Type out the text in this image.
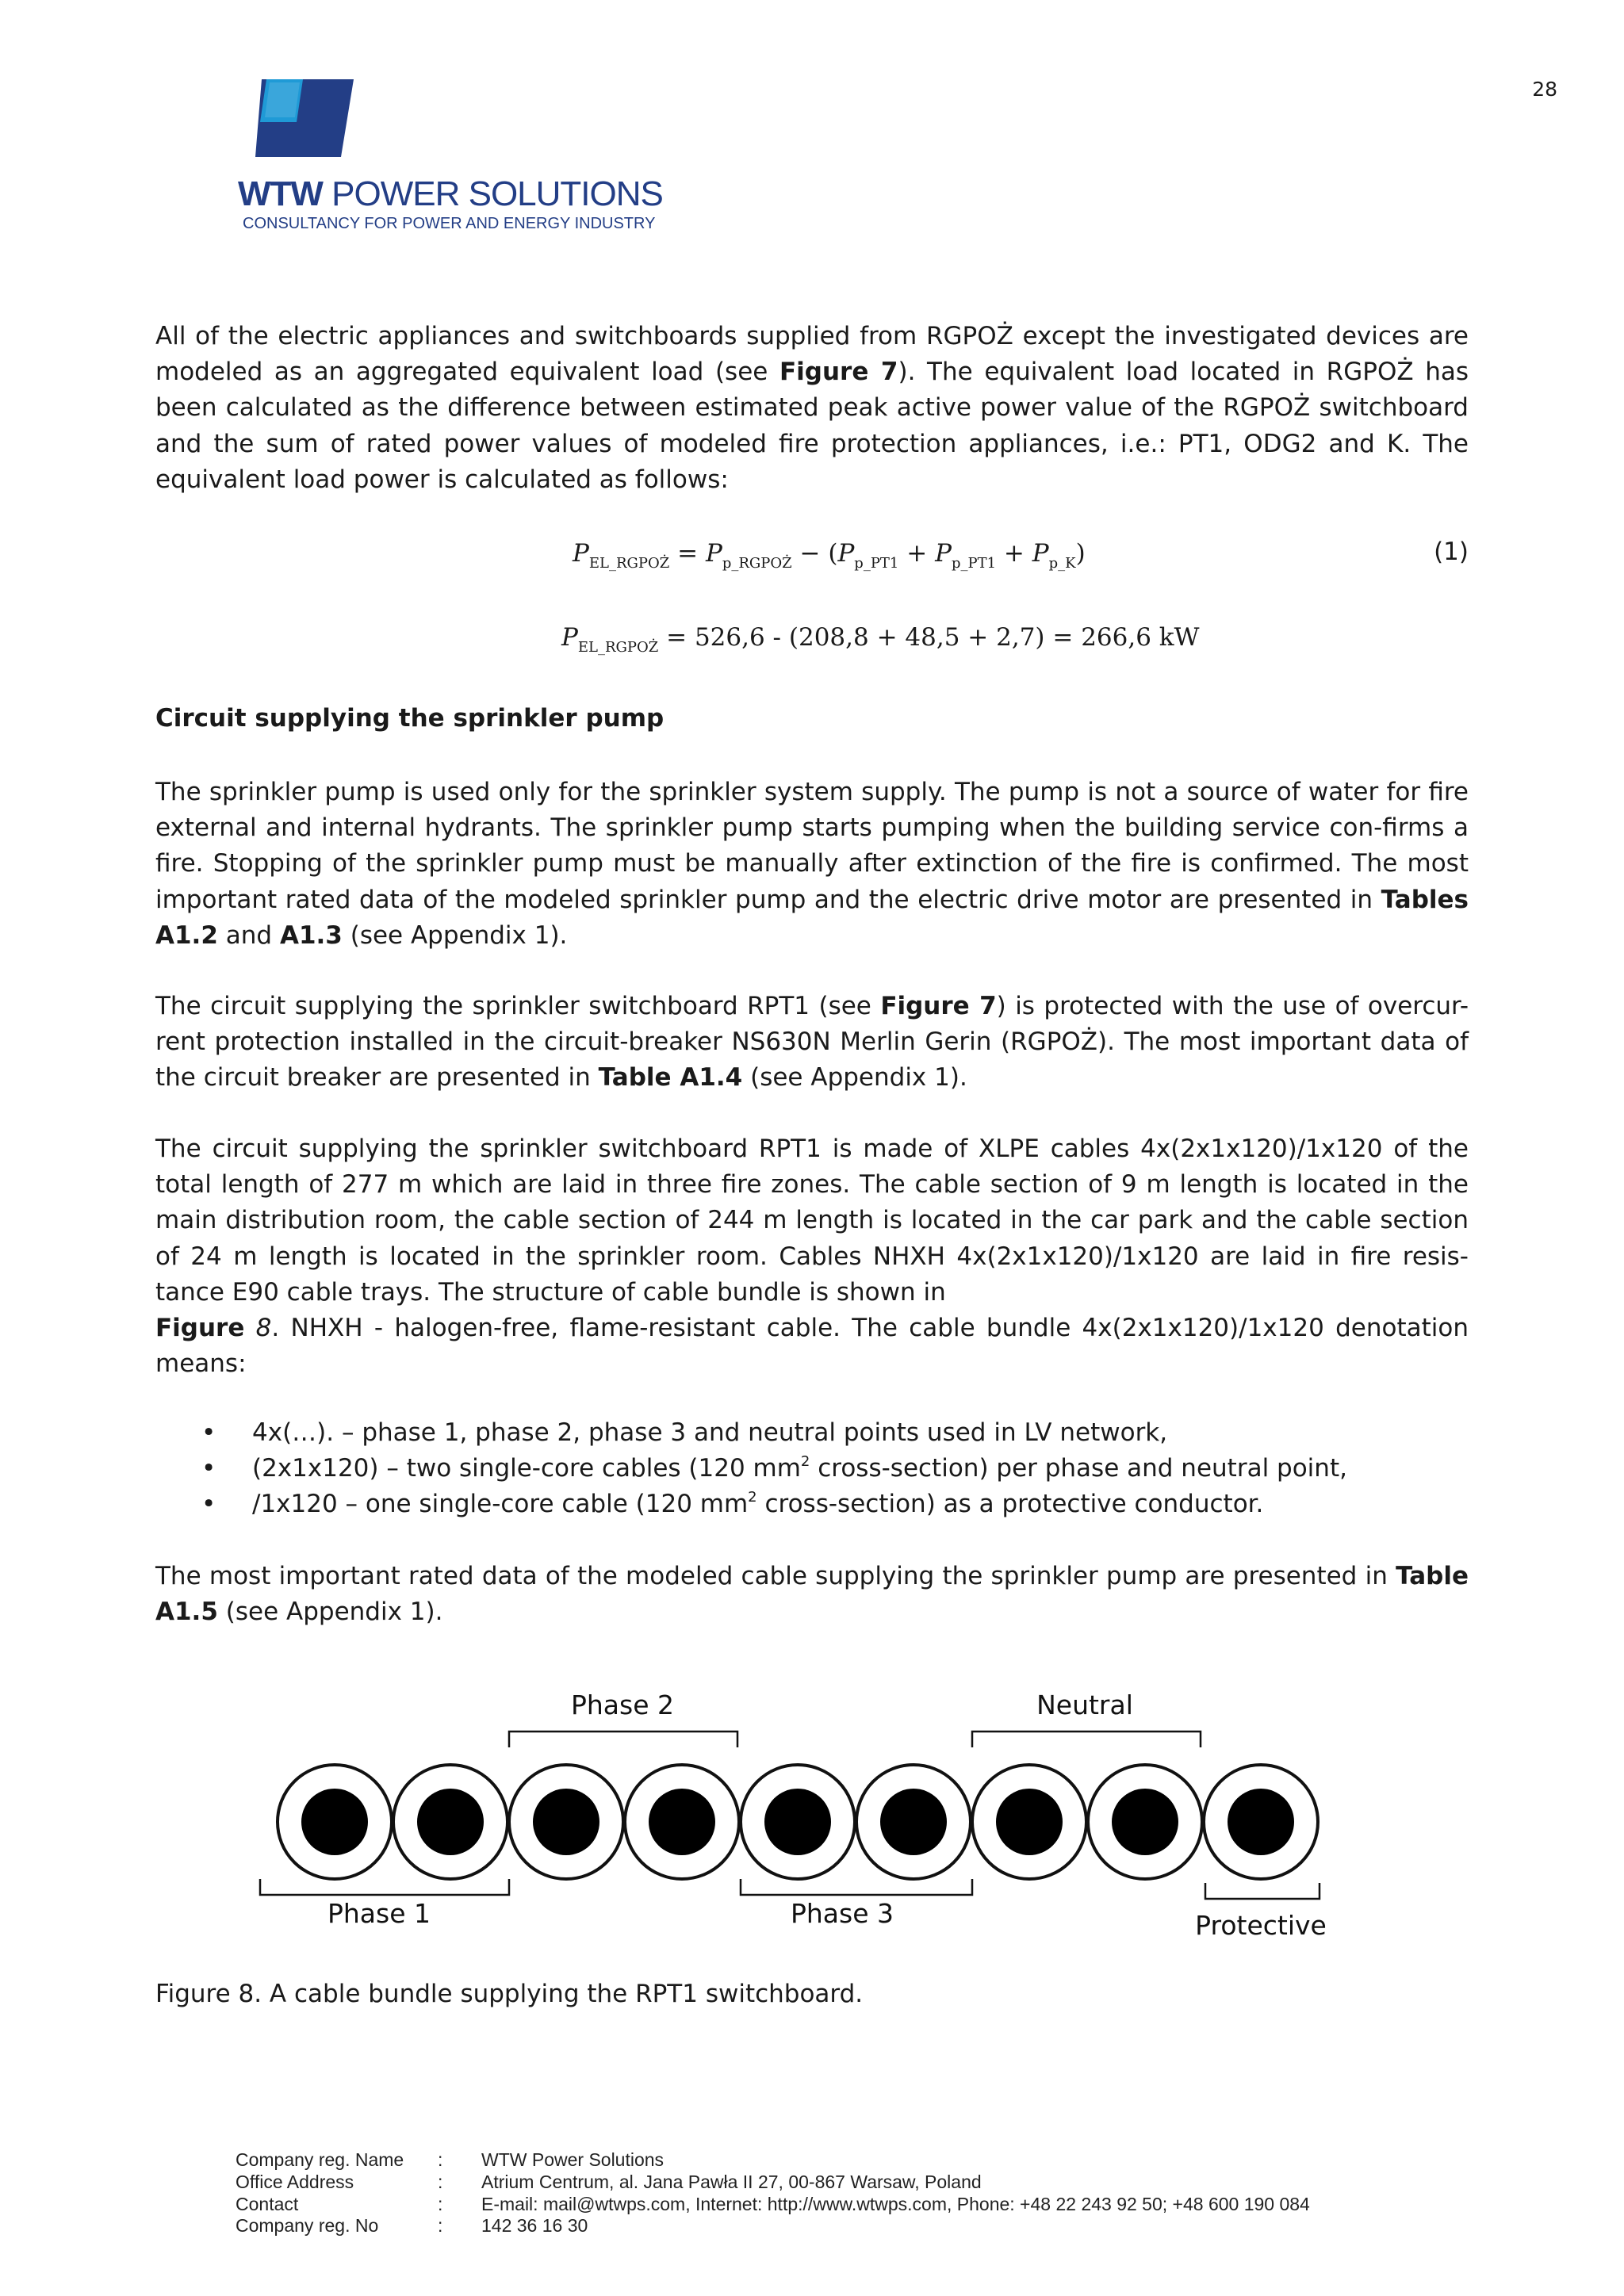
28
WTW POWER SOLUTIONS
CONSULTANCY FOR POWER AND ENERGY INDUSTRY

All of the electric appliances and switchboards supplied from RGPOŻ except the investigated devices are modeled as an aggregated equivalent load (see Figure 7). The equivalent load located in RGPOŻ has been calculated as the difference between estimated peak active power value of the RGPOŻ switchboard and the sum of rated power values of modeled fire protection appliances, i.e.: PT1, ODG2 and K. The equivalent load power is calculated as follows:

$P_{EL\_RGPOŻ} = P_{p\_RGPOŻ} - (P_{p\_PT1} + P_{p\_PT1} + P_{p\_K})$	(1)
$P_{EL\_RGPOŻ} = 526,6 - (208,8 + 48,5 + 2,7) = 266,6$ kW
Circuit supplying the sprinkler pump

The sprinkler pump is used only for the sprinkler system supply. The pump is not a source of water for fire external and internal hydrants. The sprinkler pump starts pumping when the building service con-firms a fire. Stopping of the sprinkler pump must be manually after extinction of the fire is confirmed. The most important rated data of the modeled sprinkler pump and the electric drive motor are presented in Tables A1.2 and A1.3 (see Appendix 1).

The circuit supplying the sprinkler switchboard RPT1 (see Figure 7) is protected with the use of overcur-rent protection installed in the circuit-breaker NS630N Merlin Gerin (RGPOŻ). The most important data of the circuit breaker are presented in Table A1.4 (see Appendix 1).

The circuit supplying the sprinkler switchboard RPT1 is made of XLPE cables 4x(2x1x120)/1x120 of the total length of 277 m which are laid in three fire zones. The cable section of 9 m length is located in the main distribution room, the cable section of 244 m length is located in the car park and the cable section of 24 m length is located in the sprinkler room. Cables NHXH 4x(2x1x120)/1x120 are laid in fire resis-tance E90 cable trays. The structure of cable bundle is shown in
Figure 8. NHXH - halogen-free, flame-resistant cable. The cable bundle 4x(2x1x120)/1x120 denotation means:

• 4x(…). – phase 1, phase 2, phase 3 and neutral points used in LV network,
• (2x1x120) – two single-core cables (120 $mm^2$ cross-section) per phase and neutral point,
• /1x120 – one single-core cable (120 $mm^2$ cross-section) as a protective conductor.

The most important rated data of the modeled cable supplying the sprinkler pump are presented in Table A1.5 (see Appendix 1).

Phase 2	Neutral
Phase 1	Phase 3	Protective
Figure 8. A cable bundle supplying the RPT1 switchboard.
Company reg. Name	:	WTW Power Solutions
Office Address	:	Atrium Centrum, al. Jana Pawła II 27, 00-867 Warsaw, Poland
Contact	:	E-mail: mail@wtwps.com, Internet: http://www.wtwps.com, Phone: +48 22 243 92 50; +48 600 190 084
Company reg. No	:	142 36 16 30
